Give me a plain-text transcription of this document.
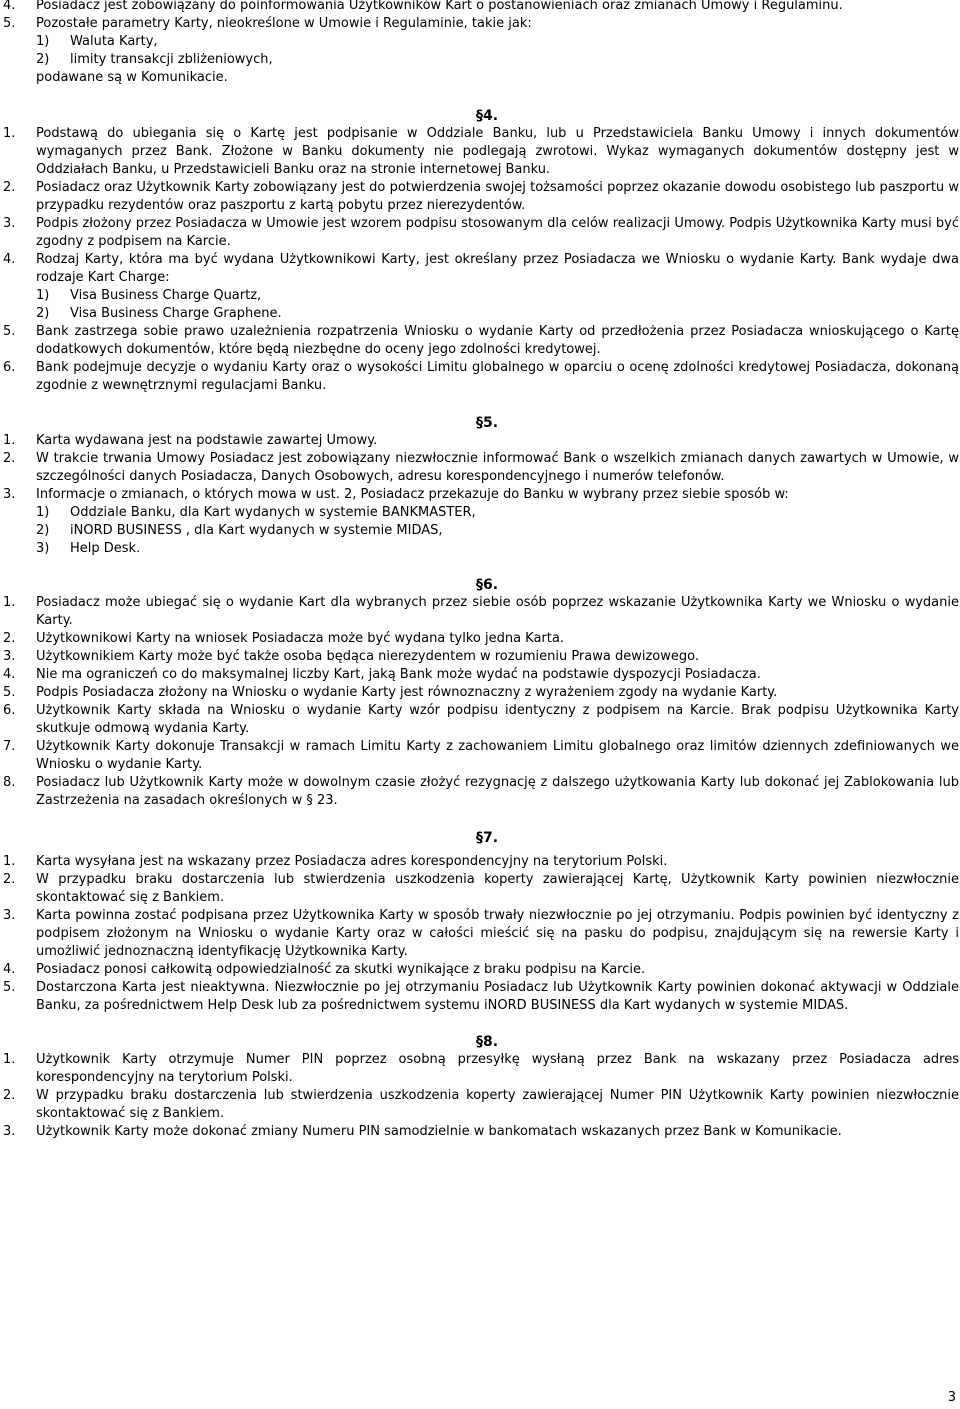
4. Posiadacz jest zobowiązany do poinformowania Użytkowników Kart o postanowieniach oraz zmianach Umowy i Regulaminu.
5. Pozostałe parametry Karty, nieokreślone w Umowie i Regulaminie, takie jak:
1) Waluta Karty,
2) limity transakcji zbliżeniowych,
podawane są w Komunikacie.
§4.
1. Podstawą do ubiegania się o Kartę jest podpisanie w Oddziale Banku, lub u Przedstawiciela Banku Umowy i innych dokumentów wymaganych przez Bank. Złożone w Banku dokumenty nie podlegają zwrotowi. Wykaz wymaganych dokumentów dostępny jest w Oddziałach Banku, u Przedstawicieli Banku oraz na stronie internetowej Banku.
2. Posiadacz oraz Użytkownik Karty zobowiązany jest do potwierdzenia swojej tożsamości poprzez okazanie dowodu osobistego lub paszportu w przypadku rezydentów oraz paszportu z kartą pobytu przez nierezydentów.
3. Podpis złożony przez Posiadacza w Umowie jest wzorem podpisu stosowanym dla celów realizacji Umowy. Podpis Użytkownika Karty musi być zgodny z podpisem na Karcie.
4. Rodzaj Karty, która ma być wydana Użytkownikowi Karty, jest określany przez Posiadacza we Wniosku o wydanie Karty. Bank wydaje dwa rodzaje Kart Charge:
1) Visa Business Charge Quartz,
2) Visa Business Charge Graphene.
5. Bank zastrzega sobie prawo uzależnienia rozpatrzenia Wniosku o wydanie Karty od przedłożenia przez Posiadacza wnioskującego o Kartę dodatkowych dokumentów, które będą niezbędne do oceny jego zdolności kredytowej.
6. Bank podejmuje decyzje o wydaniu Karty oraz o wysokości Limitu globalnego w oparciu o ocenę zdolności kredytowej Posiadacza, dokonaną zgodnie z wewnętrznymi regulacjami Banku.
§5.
1. Karta wydawana jest na podstawie zawartej Umowy.
2. W trakcie trwania Umowy Posiadacz jest zobowiązany niezwłocznie informować Bank o wszelkich zmianach danych zawartych w Umowie, w szczególności danych Posiadacza, Danych Osobowych, adresu korespondencyjnego i numerów telefonów.
3. Informacje o zmianach, o których mowa w ust. 2, Posiadacz przekazuje do Banku w wybrany przez siebie sposób w:
1) Oddziale Banku, dla Kart wydanych w systemie BANKMASTER,
2) iNORD BUSINESS , dla Kart wydanych w systemie MIDAS,
3) Help Desk.
§6.
1. Posiadacz może ubiegać się o wydanie Kart dla wybranych przez siebie osób poprzez wskazanie Użytkownika Karty we Wniosku o wydanie Karty.
2. Użytkownikowi Karty na wniosek Posiadacza może być wydana tylko jedna Karta.
3. Użytkownikiem Karty może być także osoba będąca nierezydentem w rozumieniu Prawa dewizowego.
4. Nie ma ograniczeń co do maksymalnej liczby Kart, jaką Bank może wydać na podstawie dyspozycji Posiadacza.
5. Podpis Posiadacza złożony na Wniosku o wydanie Karty jest równoznaczny z wyrażeniem zgody na wydanie Karty.
6. Użytkownik Karty składa na Wniosku o wydanie Karty wzór podpisu identyczny z podpisem na Karcie. Brak podpisu Użytkownika Karty skutkuje odmową wydania Karty.
7. Użytkownik Karty dokonuje Transakcji w ramach Limitu Karty z zachowaniem Limitu globalnego oraz limitów dziennych zdefiniowanych we Wniosku o wydanie Karty.
8. Posiadacz lub Użytkownik Karty może w dowolnym czasie złożyć rezygnację z dalszego użytkowania Karty lub dokonać jej Zablokowania lub Zastrzeżenia na zasadach określonych w § 23.
§7.
1. Karta wysyłana jest na wskazany przez Posiadacza adres korespondencyjny na terytorium Polski.
2. W przypadku braku dostarczenia lub stwierdzenia uszkodzenia koperty zawierającej Kartę, Użytkownik Karty powinien niezwłocznie skontaktować się z Bankiem.
3. Karta powinna zostać podpisana przez Użytkownika Karty w sposób trwały niezwłocznie po jej otrzymaniu. Podpis powinien być identyczny z podpisem złożonym na Wniosku o wydanie Karty oraz w całości mieścić się na pasku do podpisu, znajdującym się na rewersie Karty i umożliwić jednoznaczną identyfikację Użytkownika Karty.
4. Posiadacz ponosi całkowitą odpowiedzialność za skutki wynikające z braku podpisu na Karcie.
5. Dostarczona Karta jest nieaktywna. Niezwłocznie po jej otrzymaniu Posiadacz lub Użytkownik Karty powinien dokonać aktywacji w Oddziale Banku, za pośrednictwem Help Desk lub za pośrednictwem systemu iNORD BUSINESS dla Kart wydanych w systemie MIDAS.
§8.
1. Użytkownik Karty otrzymuje Numer PIN poprzez osobną przesyłkę wysłaną przez Bank na wskazany przez Posiadacza adres korespondencyjny na terytorium Polski.
2. W przypadku braku dostarczenia lub stwierdzenia uszkodzenia koperty zawierającej Numer PIN Użytkownik Karty powinien niezwłocznie skontaktować się z Bankiem.
3. Użytkownik Karty może dokonać zmiany Numeru PIN samodzielnie w bankomatach wskazanych przez Bank w Komunikacie.
3
